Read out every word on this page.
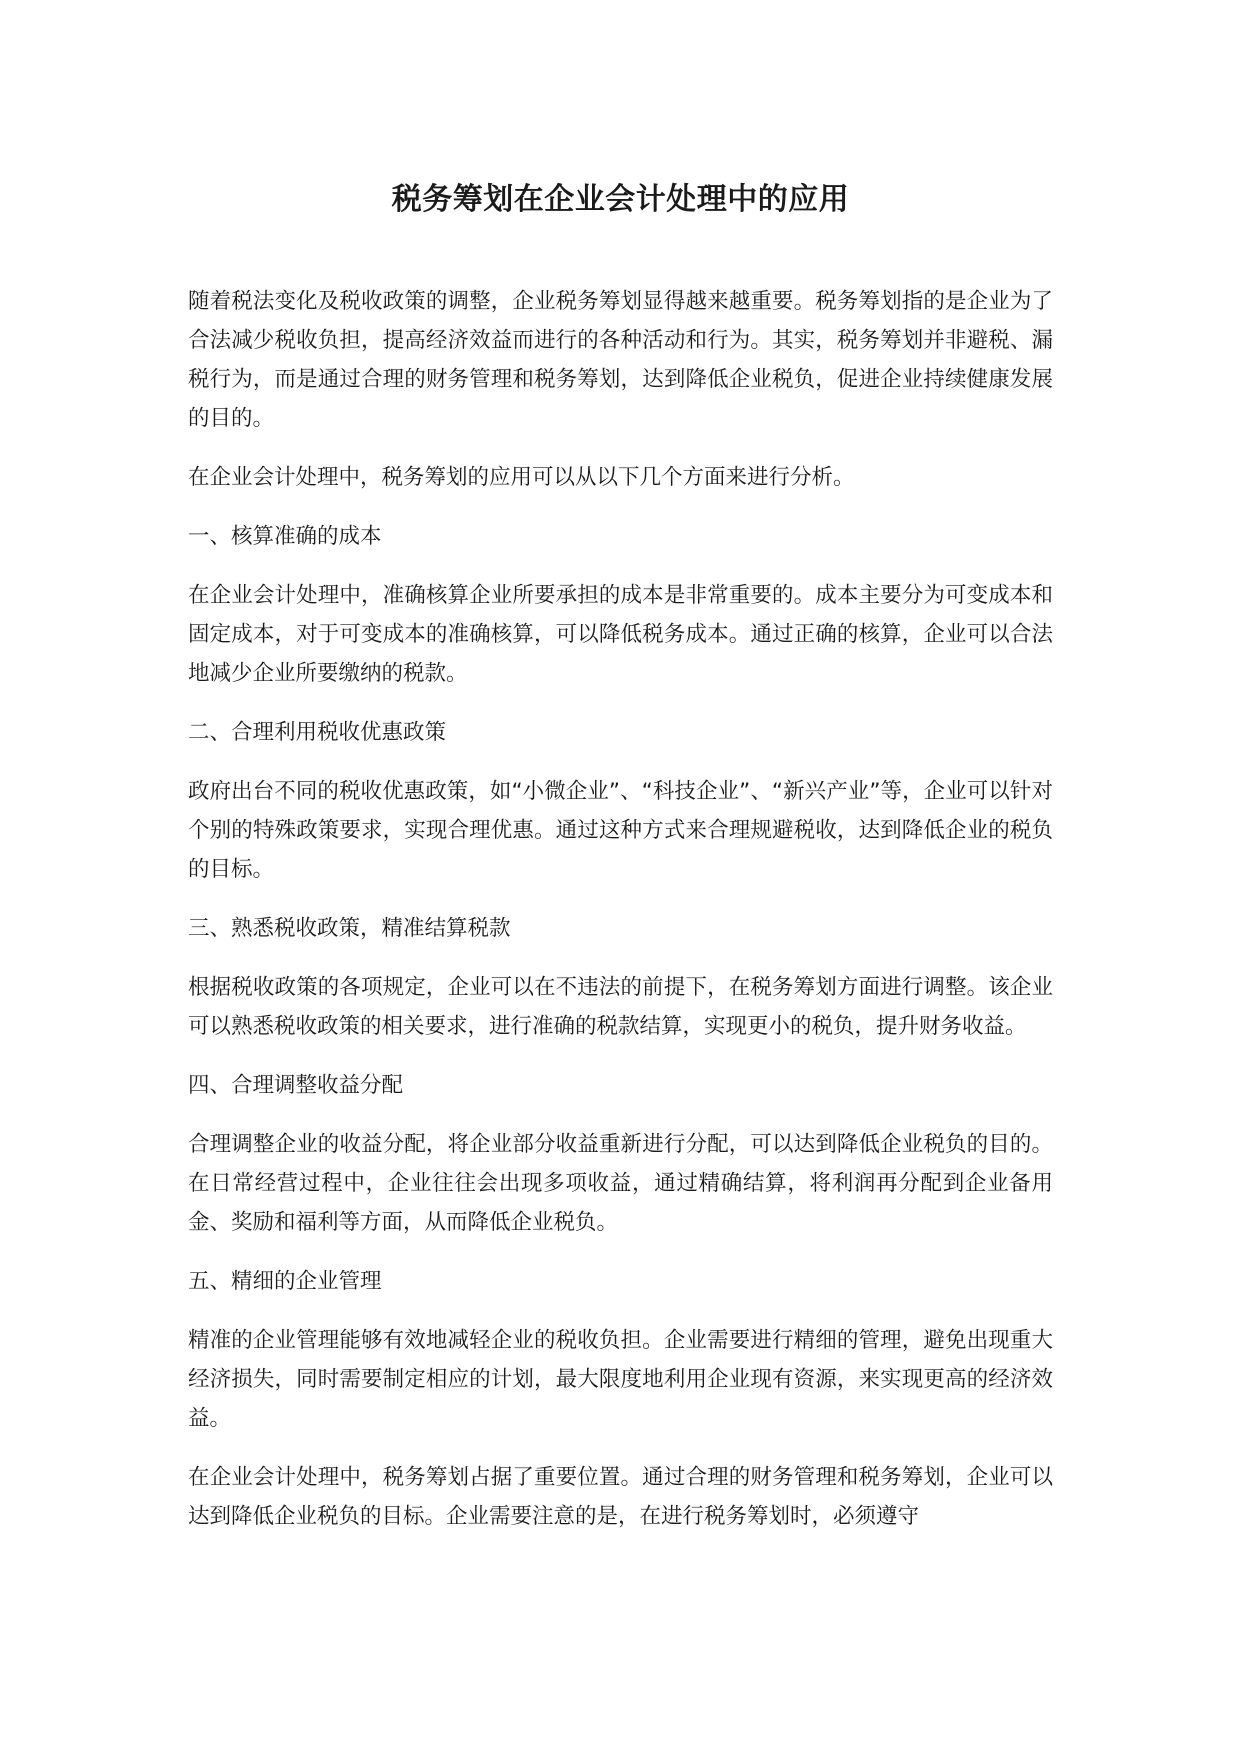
税务筹划在企业会计处理中的应用

随着税法变化及税收政策的调整，企业税务筹划显得越来越重要。税务筹划指的是企业为了合法减少税收负担，提高经济效益而进行的各种活动和行为。其实，税务筹划并非避税、漏税行为，而是通过合理的财务管理和税务筹划，达到降低企业税负，促进企业持续健康发展的目的。

在企业会计处理中，税务筹划的应用可以从以下几个方面来进行分析。

一、核算准确的成本

在企业会计处理中，准确核算企业所要承担的成本是非常重要的。成本主要分为可变成本和固定成本，对于可变成本的准确核算，可以降低税务成本。通过正确的核算，企业可以合法地减少企业所要缴纳的税款。

二、合理利用税收优惠政策

政府出台不同的税收优惠政策，如“小微企业”、“科技企业”、“新兴产业”等，企业可以针对个别的特殊政策要求，实现合理优惠。通过这种方式来合理规避税收，达到降低企业的税负的目标。

三、熟悉税收政策，精准结算税款

根据税收政策的各项规定，企业可以在不违法的前提下，在税务筹划方面进行调整。该企业可以熟悉税收政策的相关要求，进行准确的税款结算，实现更小的税负，提升财务收益。

四、合理调整收益分配

合理调整企业的收益分配，将企业部分收益重新进行分配，可以达到降低企业税负的目的。在日常经营过程中，企业往往会出现多项收益，通过精确结算，将利润再分配到企业备用金、奖励和福利等方面，从而降低企业税负。

五、精细的企业管理

精准的企业管理能够有效地减轻企业的税收负担。企业需要进行精细的管理，避免出现重大经济损失，同时需要制定相应的计划，最大限度地利用企业现有资源，来实现更高的经济效益。

在企业会计处理中，税务筹划占据了重要位置。通过合理的财务管理和税务筹划，企业可以达到降低企业税负的目标。企业需要注意的是，在进行税务筹划时，必须遵守
